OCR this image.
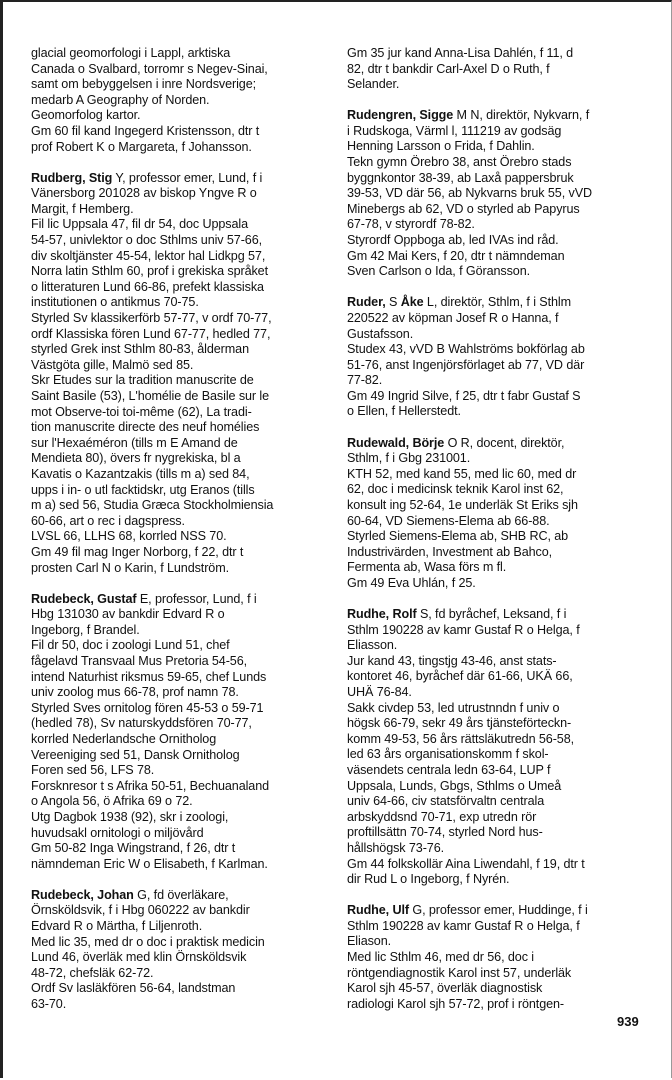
glacial geomorfologi i Lappl, arktiska
Canada o Svalbard, torromr s Negev-Sinai,
samt om bebyggelsen i inre Nordsverige;
medarb A Geography of Norden.
Geomorfolog kartor.
Gm 60 fil kand Ingegerd Kristensson, dtr t
prof Robert K o Margareta, f Johansson.
Rudberg, Stig Y, professor emer, Lund, f i
Vänersborg 201028 av biskop Yngve R o
Margit, f Hemberg.
Fil lic Uppsala 47, fil dr 54, doc Uppsala
54-57, univlektor o doc Sthlms univ 57-66,
div skoltjänster 45-54, lektor hal Lidkpg 57,
Norra latin Sthlm 60, prof i grekiska språket
o litteraturen Lund 66-86, prefekt klassiska
institutionen o antikmus 70-75.
Styrled Sv klassikerförb 57-77, v ordf 70-77,
ordf Klassiska fören Lund 67-77, hedled 77,
styrled Grek inst Sthlm 80-83, ålderman
Västgöta gille, Malmö sed 85.
Skr Etudes sur la tradition manuscrite de
Saint Basile (53), L'homélie de Basile sur le
mot Observe-toi toi-même (62), La tradi-
tion manuscrite directe des neuf homélies
sur l'Hexaéméron (tills m E Amand de
Mendieta 80), övers fr nygrekiska, bl a
Kavatis o Kazantzakis (tills m a) sed 84,
upps i in- o utl facktidskr, utg Eranos (tills
m a) sed 56, Studia Græca Stockholmiensia
60-66, art o rec i dagspress.
LVSL 66, LLHS 68, korrled NSS 70.
Gm 49 fil mag Inger Norborg, f 22, dtr t
prosten Carl N o Karin, f Lundström.
Rudebeck, Gustaf E, professor, Lund, f i
Hbg 131030 av bankdir Edvard R o
Ingeborg, f Brandel.
Fil dr 50, doc i zoologi Lund 51, chef
fågelavd Transvaal Mus Pretoria 54-56,
intend Naturhist riksmus 59-65, chef Lunds
univ zoolog mus 66-78, prof namn 78.
Styrled Sves ornitolog fören 45-53 o 59-71
(hedled 78), Sv naturskyddsfören 70-77,
korrled Nederlandsche Ornitholog
Vereeniging sed 51, Dansk Ornitholog
Foren sed 56, LFS 78.
Forsknresor t s Afrika 50-51, Bechuanaland
o Angola 56, ö Afrika 69 o 72.
Utg Dagbok 1938 (92), skr i zoologi,
huvudsakl ornitologi o miljövård
Gm 50-82 Inga Wingstrand, f 26, dtr t
nämndeman Eric W o Elisabeth, f Karlman.
Rudebeck, Johan G, fd överläkare,
Örnsköldsvik, f i Hbg 060222 av bankdir
Edvard R o Märtha, f Liljenroth.
Med lic 35, med dr o doc i praktisk medicin
Lund 46, överläk med klin Örnsköldsvik
48-72, chefsläk 62-72.
Ordf Sv lasläkfören 56-64, landstman
63-70.
Gm 35 jur kand Anna-Lisa Dahlén, f 11, d
82, dtr t bankdir Carl-Axel D o Ruth, f
Selander.
Rudengren, Sigge M N, direktör, Nykvarn, f
i Rudskoga, Värml l, 111219 av godsäg
Henning Larsson o Frida, f Dahlin.
Tekn gymn Örebro 38, anst Örebro stads
byggnkontor 38-39, ab Laxå pappersbruk
39-53, VD där 56, ab Nykvarns bruk 55, vVD
Minebergs ab 62, VD o styrled ab Papyrus
67-78, v styrordf 78-82.
Styrordf Oppboga ab, led IVAs ind råd.
Gm 42 Mai Kers, f 20, dtr t nämndeman
Sven Carlson o Ida, f Göransson.
Ruder, S Åke L, direktör, Sthlm, f i Sthlm
220522 av köpman Josef R o Hanna, f
Gustafsson.
Studex 43, vVD B Wahlströms bokförlag ab
51-76, anst Ingenjörsförlaget ab 77, VD där
77-82.
Gm 49 Ingrid Silve, f 25, dtr t fabr Gustaf S
o Ellen, f Hellerstedt.
Rudewald, Börje O R, docent, direktör,
Sthlm, f i Gbg 231001.
KTH 52, med kand 55, med lic 60, med dr
62, doc i medicinsk teknik Karol inst 62,
konsult ing 52-64, 1e underläk St Eriks sjh
60-64, VD Siemens-Elema ab 66-88.
Styrled Siemens-Elema ab, SHB RC, ab
Industrivärden, Investment ab Bahco,
Fermenta ab, Wasa förs m fl.
Gm 49 Eva Uhlán, f 25.
Rudhe, Rolf S, fd byråchef, Leksand, f i
Sthlm 190228 av kamr Gustaf R o Helga, f
Eliasson.
Jur kand 43, tingstjg 43-46, anst stats-
kontoret 46, byråchef där 61-66, UKÄ 66,
UHÄ 76-84.
Sakk civdep 53, led utrustnndn f univ o
högsk 66-79, sekr 49 års tjänsteförteckn-
komm 49-53, 56 års rättsläkutredn 56-58,
led 63 års organisationskomm f skol-
väsendets centrala ledn 63-64, LUP f
Uppsala, Lunds, Gbgs, Sthlms o Umeå
univ 64-66, civ statsförvaltn centrala
arbskyddsnd 70-71, exp utredn rör
proftillsättn 70-74, styrled Nord hus-
hållshögsk 73-76.
Gm 44 folkskollär Aina Liwendahl, f 19, dtr t
dir Rud L o Ingeborg, f Nyrén.
Rudhe, Ulf G, professor emer, Huddinge, f i
Sthlm 190228 av kamr Gustaf R o Helga, f
Eliason.
Med lic Sthlm 46, med dr 56, doc i
röntgendiagnostik Karol inst 57, underläk
Karol sjh 45-57, överläk diagnostisk
radiologi Karol sjh 57-72, prof i röntgen-
939
